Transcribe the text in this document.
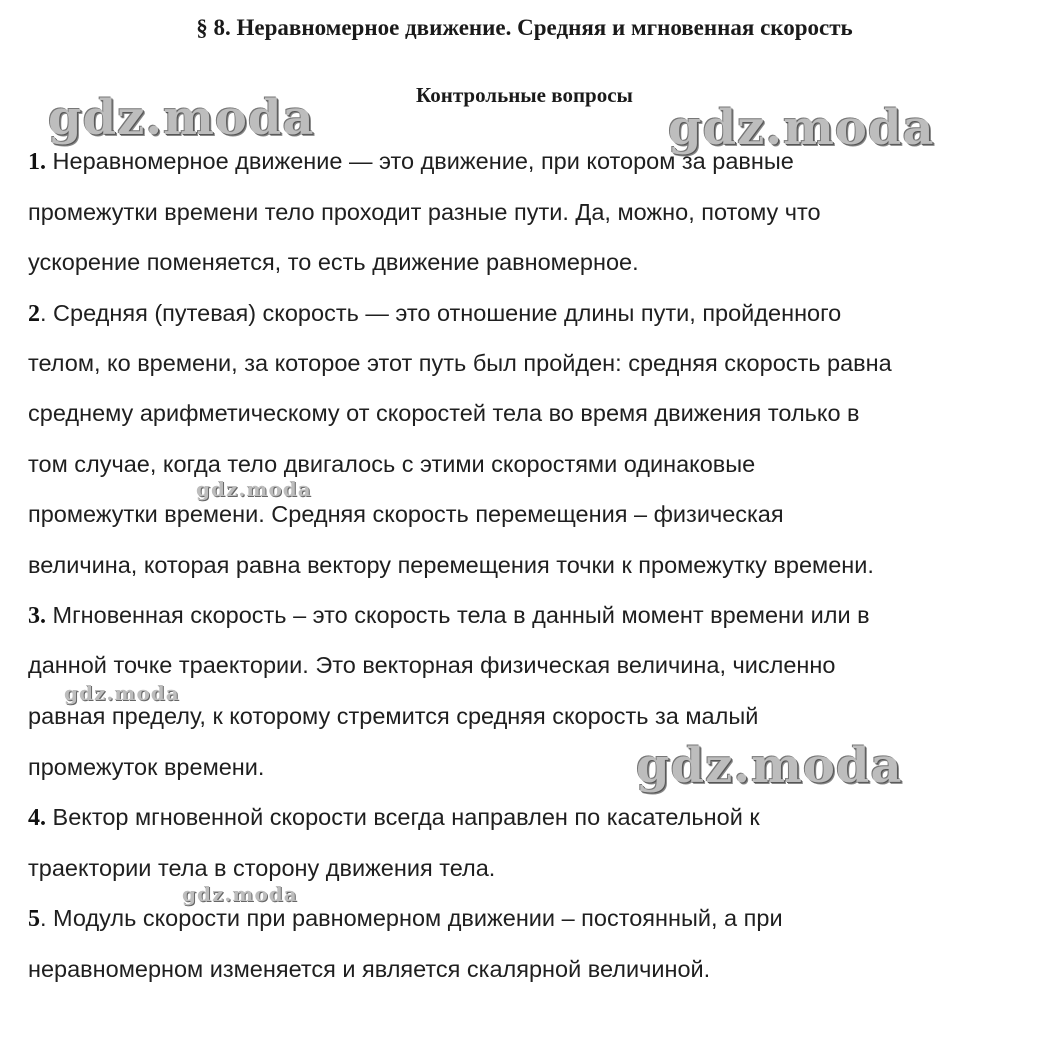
§ 8. Неравномерное движение. Средняя и мгновенная скорость
Контрольные вопросы
1. Неравномерное движение — это движение, при котором за равные
промежутки времени тело проходит разные пути. Да, можно, потому что
ускорение поменяется, то есть движение равномерное.
2. Средняя (путевая) скорость — это отношение длины пути, пройденного
телом, ко времени, за которое этот путь был пройден: средняя скорость равна
среднему арифметическому от скоростей тела во время движения только в
том случае, когда тело двигалось с этими скоростями одинаковые
промежутки времени. Средняя скорость перемещения – физическая
величина, которая равна вектору перемещения точки к промежутку времени.
3. Мгновенная скорость – это скорость тела в данный момент времени или в
данной точке траектории. Это векторная физическая величина, численно
равная пределу, к которому стремится средняя скорость за малый
промежуток времени.
4. Вектор мгновенной скорости всегда направлен по касательной к
траектории тела в сторону движения тела.
5. Модуль скорости при равномерном движении – постоянный, а при
неравномерном изменяется и является скалярной величиной.
gdz.moda	gdz.moda
gdz.moda
gdz.moda
gdz.moda
gdz.moda
